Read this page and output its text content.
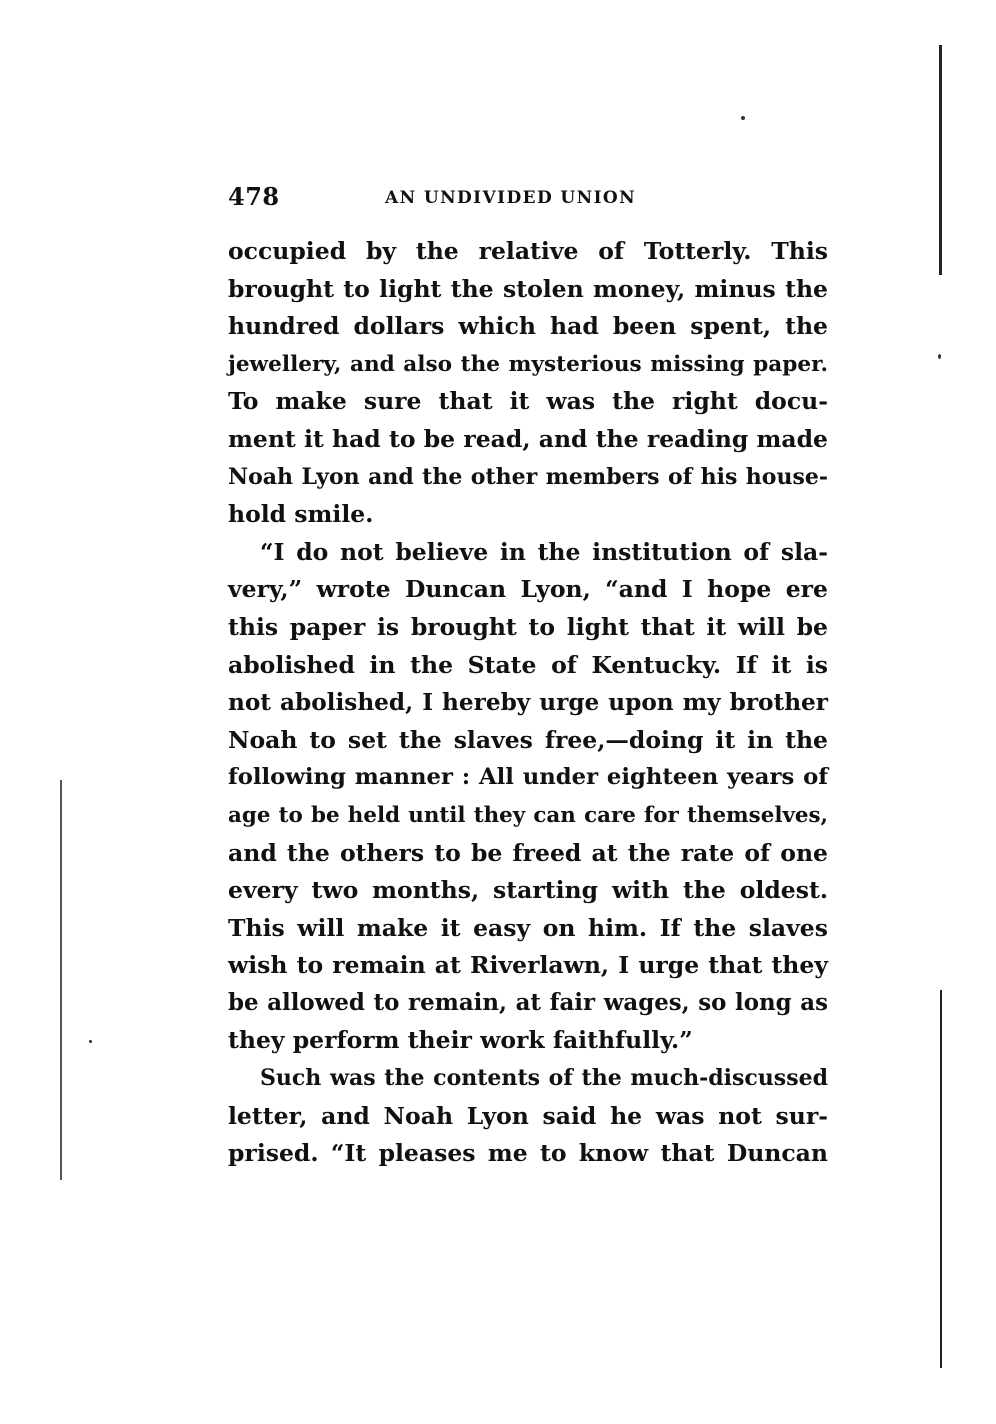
478	AN UNDIVIDED UNION
occupied by the relative of Totterly. This
brought to light the stolen money, minus the
hundred dollars which had been spent, the
jewellery, and also the mysterious missing paper.
To make sure that it was the right docu-
ment it had to be read, and the reading made
Noah Lyon and the other members of his house-
hold smile.
“I do not believe in the institution of sla-
very,” wrote Duncan Lyon, “and I hope ere
this paper is brought to light that it will be
abolished in the State of Kentucky. If it is
not abolished, I hereby urge upon my brother
Noah to set the slaves free,—doing it in the
following manner : All under eighteen years of
age to be held until they can care for themselves,
and the others to be freed at the rate of one
every two months, starting with the oldest.
This will make it easy on him. If the slaves
wish to remain at Riverlawn, I urge that they
be allowed to remain, at fair wages, so long as
they perform their work faithfully.”
Such was the contents of the much-discussed
letter, and Noah Lyon said he was not sur-
prised. “It pleases me to know that Duncan
